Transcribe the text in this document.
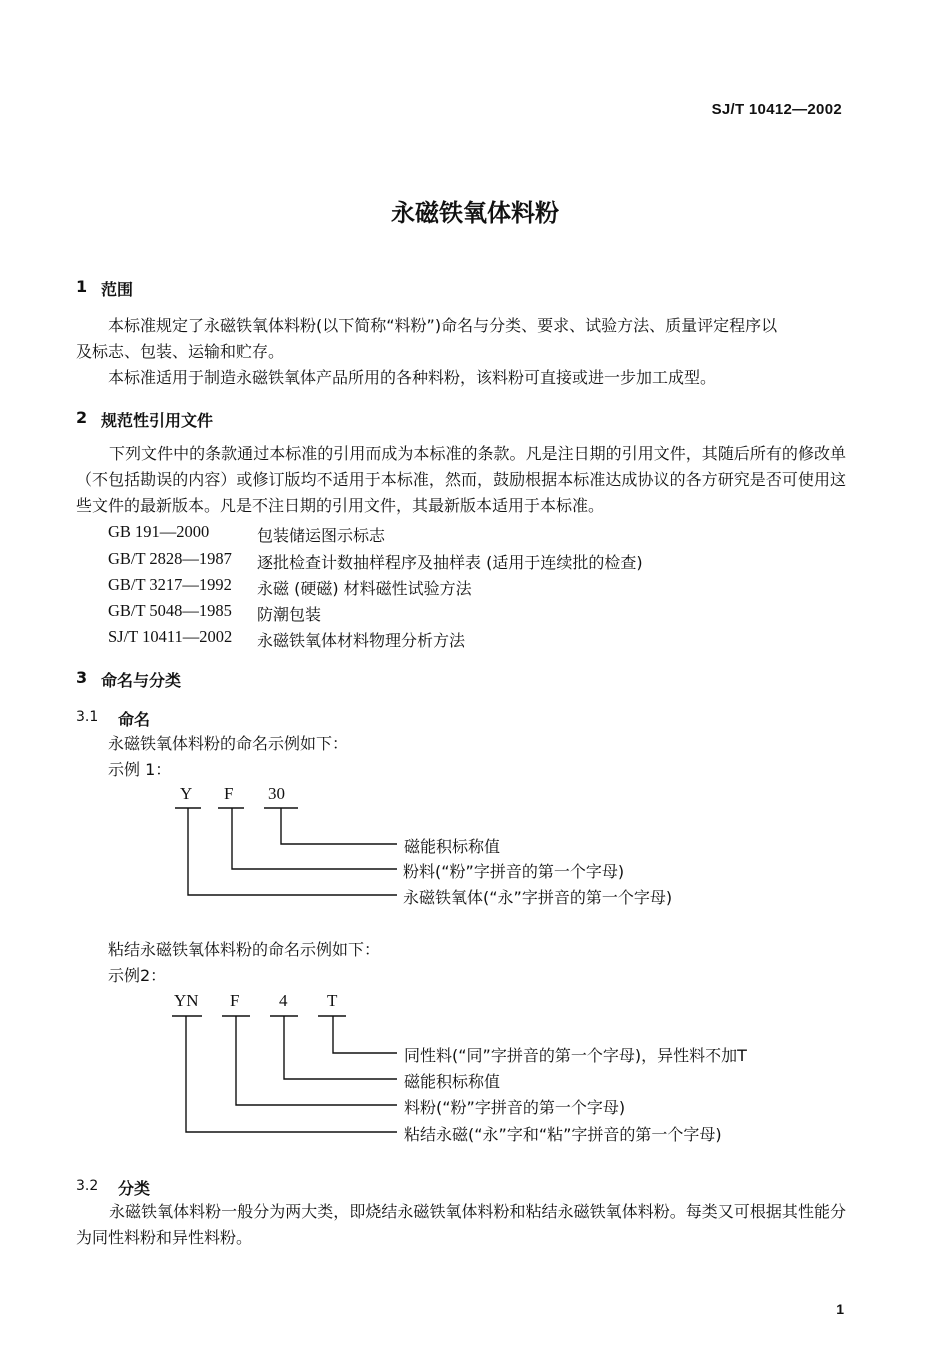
SJ/T 10412—2002
永磁铁氧体料粉
1 范围
本标准规定了永磁铁氧体料粉(以下简称“料粉”)命名与分类、要求、试验方法、质量评定程序以
及标志、包装、运输和贮存。
本标准适用于制造永磁铁氧体产品所用的各种料粉，该料粉可直接或进一步加工成型。
2 规范性引用文件
下列文件中的条款通过本标准的引用而成为本标准的条款。凡是注日期的引用文件，其随后所有的修改单（不包括勘误的内容）或修订版均不适用于本标准，然而，鼓励根据本标准达成协议的各方研究是否可使用这些文件的最新版本。凡是不注日期的引用文件，其最新版本适用于本标准。
GB 191—2000	包装储运图示标志
GB/T 2828—1987 逐批检查计数抽样程序及抽样表 (适用于连续批的检查)
GB/T 3217—1992 永磁 (硬磁) 材料磁性试验方法
GB/T 5048—1985 防潮包装
SJ/T 10411—2002 永磁铁氧体材料物理分析方法
3 命名与分类
3.1 命名
永磁铁氧体料粉的命名示例如下：
示例 1：
Y F 30
磁能积标称值
粉料(“粉”字拼音的第一个字母)
永磁铁氧体(“永”字拼音的第一个字母)
粘结永磁铁氧体料粉的命名示例如下：
示例2：
YN F 4 T
同性料(“同”字拼音的第一个字母)，异性料不加T
磁能积标称值
料粉(“粉”字拼音的第一个字母)
粘结永磁(“永”字和“粘”字拼音的第一个字母)
3.2 分类
永磁铁氧体料粉一般分为两大类，即烧结永磁铁氧体料粉和粘结永磁铁氧体料粉。每类又可根据其性能分为同性料粉和异性料粉。
1
